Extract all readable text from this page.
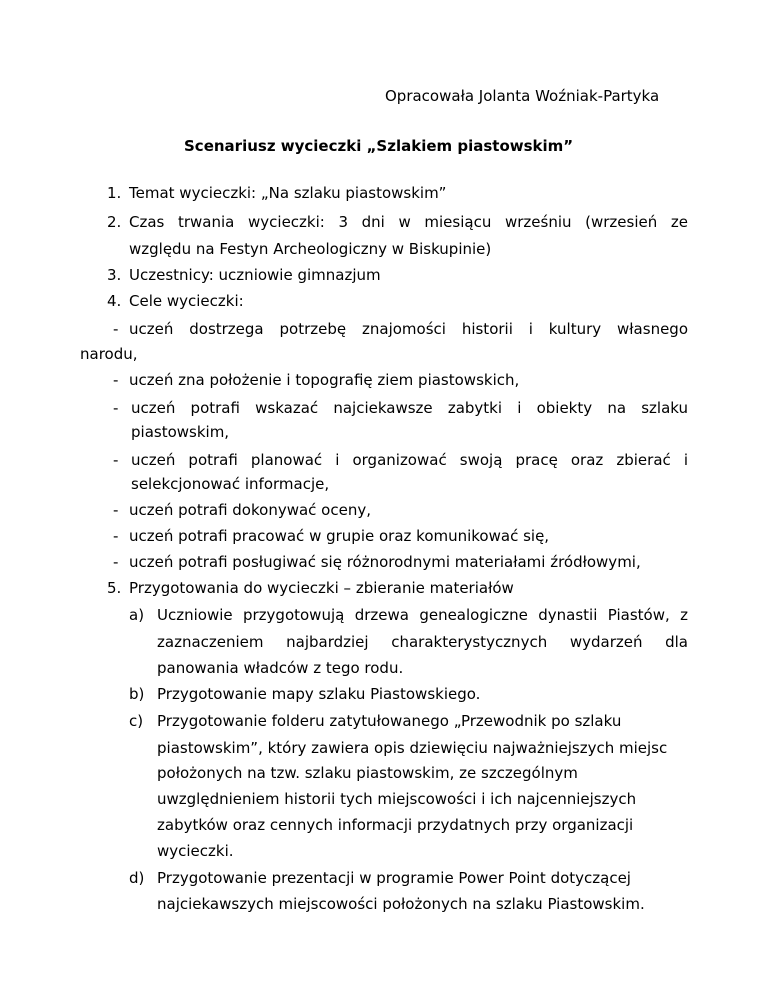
Opracowała Jolanta Woźniak-Partyka
Scenariusz wycieczki „Szlakiem piastowskim”
1. Temat wycieczki: „Na szlaku piastowskim”
2. Czas trwania wycieczki: 3 dni w miesiącu wrześniu (wrzesień ze
względu na Festyn Archeologiczny w Biskupinie)
3. Uczestnicy: uczniowie gimnazjum
4. Cele wycieczki:
- uczeń dostrzega potrzebę znajomości historii i kultury własnego
narodu,
- uczeń zna położenie i topografię ziem piastowskich,
- uczeń potrafi wskazać najciekawsze zabytki i obiekty na szlaku
piastowskim,
- uczeń potrafi planować i organizować swoją pracę oraz zbierać i
selekcjonować informacje,
- uczeń potrafi dokonywać oceny,
- uczeń potrafi pracować w grupie oraz komunikować się,
- uczeń potrafi posługiwać się różnorodnymi materiałami źródłowymi,
5. Przygotowania do wycieczki – zbieranie materiałów
a) Uczniowie przygotowują drzewa genealogiczne dynastii Piastów, z
zaznaczeniem najbardziej charakterystycznych wydarzeń dla
panowania władców z tego rodu.
b) Przygotowanie mapy szlaku Piastowskiego.
c) Przygotowanie folderu zatytułowanego „Przewodnik po szlaku
piastowskim”, który zawiera opis dziewięciu najważniejszych miejsc
położonych na tzw. szlaku piastowskim, ze szczególnym
uwzględnieniem historii tych miejscowości i ich najcenniejszych
zabytków oraz cennych informacji przydatnych przy organizacji
wycieczki.
d) Przygotowanie prezentacji w programie Power Point dotyczącej
najciekawszych miejscowości położonych na szlaku Piastowskim.
